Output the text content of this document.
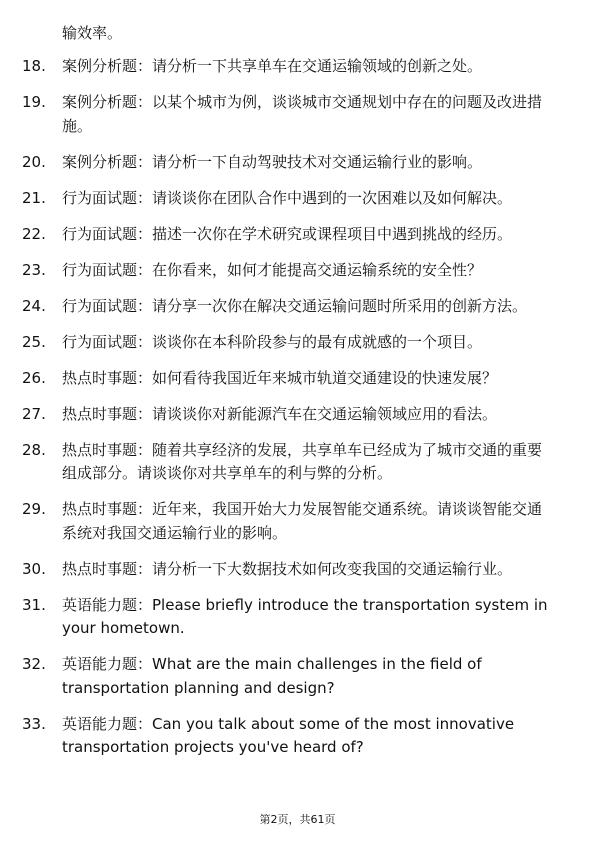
输效率。
18.	案例分析题：请分析一下共享单车在交通运输领域的创新之处。
19.	案例分析题：以某个城市为例，谈谈城市交通规划中存在的问题及改进措施。
20.	案例分析题：请分析一下自动驾驶技术对交通运输行业的影响。
21.	行为面试题：请谈谈你在团队合作中遇到的一次困难以及如何解决。
22.	行为面试题：描述一次你在学术研究或课程项目中遇到挑战的经历。
23.	行为面试题：在你看来，如何才能提高交通运输系统的安全性？
24.	行为面试题：请分享一次你在解决交通运输问题时所采用的创新方法。
25.	行为面试题：谈谈你在本科阶段参与的最有成就感的一个项目。
26.	热点时事题：如何看待我国近年来城市轨道交通建设的快速发展？
27.	热点时事题：请谈谈你对新能源汽车在交通运输领域应用的看法。
28.	热点时事题：随着共享经济的发展，共享单车已经成为了城市交通的重要组成部分。请谈谈你对共享单车的利与弊的分析。
29.	热点时事题：近年来，我国开始大力发展智能交通系统。请谈谈智能交通系统对我国交通运输行业的影响。
30.	热点时事题：请分析一下大数据技术如何改变我国的交通运输行业。
31.	英语能力题：Please briefly introduce the transportation system in your hometown.
32.	英语能力题：What are the main challenges in the field of transportation planning and design?
33.	英语能力题：Can you talk about some of the most innovative transportation projects you've heard of?
第2页，共61页
